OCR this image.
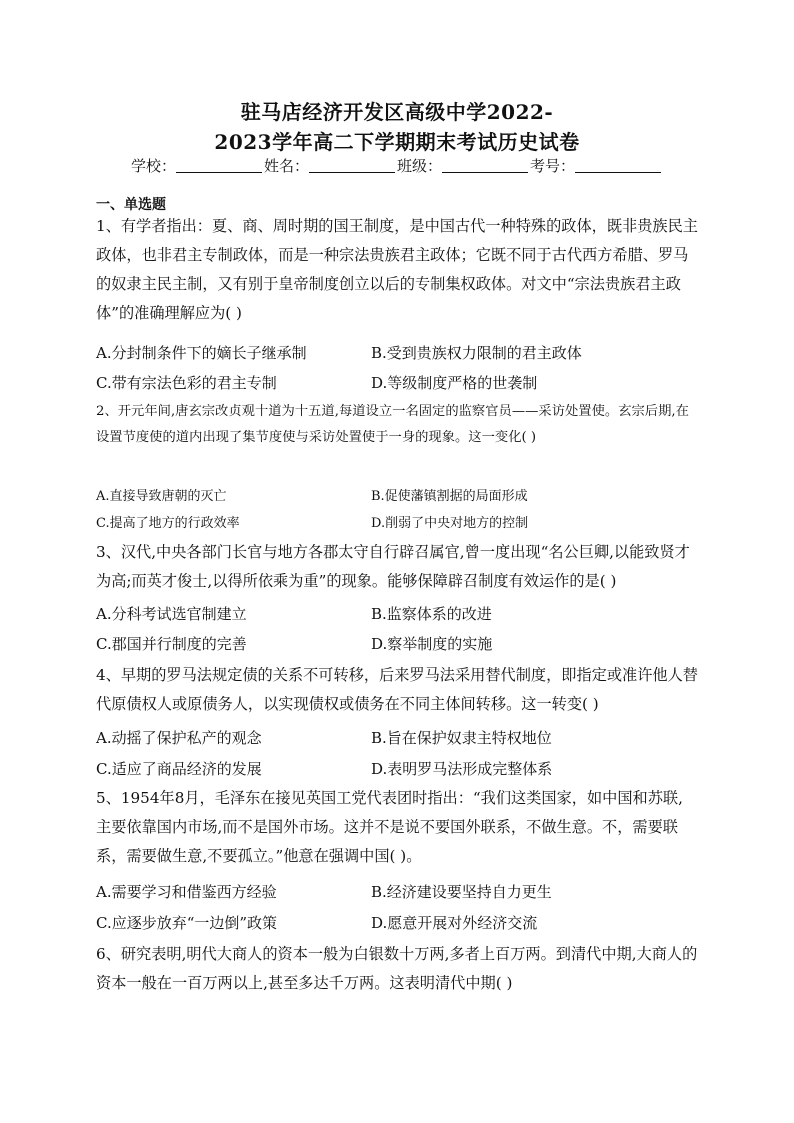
驻马店经济开发区高级中学2022-
2023学年高二下学期期末考试历史试卷
学校：	姓名：	班级：	考号：
一、单选题
1、有学者指出：夏、商、周时期的国王制度，是中国古代一种特殊的政体，既非贵族民主政体，也非君主专制政体，而是一种宗法贵族君主政体；它既不同于古代西方希腊、罗马的奴隶主民主制，又有别于皇帝制度创立以后的专制集权政体。对文中“宗法贵族君主政体”的准确理解应为( )
A.分封制条件下的嫡长子继承制	B.受到贵族权力限制的君主政体
C.带有宗法色彩的君主专制	D.等级制度严格的世袭制
2、开元年间,唐玄宗改贞观十道为十五道,每道设立一名固定的监察官员——采访处置使。玄宗后期,在设置节度使的道内出现了集节度使与采访处置使于一身的现象。这一变化( )
A.直接导致唐朝的灭亡	B.促使藩镇割据的局面形成
C.提高了地方的行政效率	D.削弱了中央对地方的控制
3、汉代,中央各部门长官与地方各郡太守自行辟召属官,曾一度出现“名公巨卿,以能致贤才为高;而英才俊士,以得所依乘为重”的现象。能够保障辟召制度有效运作的是( )
A.分科考试选官制建立	B.监察体系的改进
C.郡国并行制度的完善	D.察举制度的实施
4、早期的罗马法规定债的关系不可转移，后来罗马法采用替代制度，即指定或准许他人替代原债权人或原债务人，以实现债权或债务在不同主体间转移。这一转变( )
A.动摇了保护私产的观念	B.旨在保护奴隶主特权地位
C.适应了商品经济的发展	D.表明罗马法形成完整体系
5、1954年8月，毛泽东在接见英国工党代表团时指出：“我们这类国家，如中国和苏联,主要依靠国内市场,而不是国外市场。这并不是说不要国外联系，不做生意。不，需要联系，需要做生意,不要孤立。”他意在强调中国( )。
A.需要学习和借鉴西方经验	B.经济建设要坚持自力更生
C.应逐步放弃“一边倒”政策	D.愿意开展对外经济交流
6、研究表明,明代大商人的资本一般为白银数十万两,多者上百万两。到清代中期,大商人的资本一般在一百万两以上,甚至多达千万两。这表明清代中期( )
